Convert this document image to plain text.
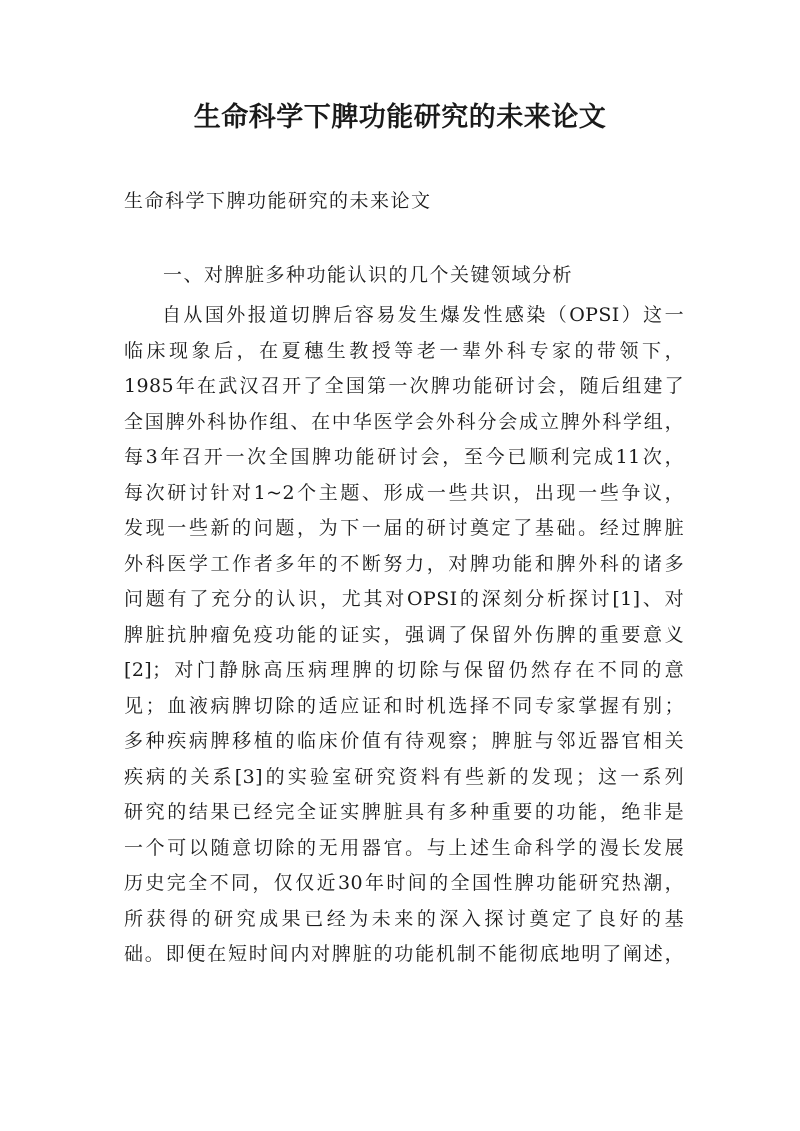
生命科学下脾功能研究的未来论文
生命科学下脾功能研究的未来论文
一、对脾脏多种功能认识的几个关键领域分析
自从国外报道切脾后容易发生爆发性感染（OPSI）这一
临床现象后，在夏穗生教授等老一辈外科专家的带领下，
1985年在武汉召开了全国第一次脾功能研讨会，随后组建了
全国脾外科协作组、在中华医学会外科分会成立脾外科学组，
每3年召开一次全国脾功能研讨会，至今已顺利完成11次，
每次研讨针对1~2个主题、形成一些共识，出现一些争议，
发现一些新的问题，为下一届的研讨奠定了基础。经过脾脏
外科医学工作者多年的不断努力，对脾功能和脾外科的诸多
问题有了充分的认识，尤其对OPSI的深刻分析探讨[1]、对
脾脏抗肿瘤免疫功能的证实，强调了保留外伤脾的重要意义
[2]；对门静脉高压病理脾的切除与保留仍然存在不同的意
见；血液病脾切除的适应证和时机选择不同专家掌握有别；
多种疾病脾移植的临床价值有待观察；脾脏与邻近器官相关
疾病的关系[3]的实验室研究资料有些新的发现；这一系列
研究的结果已经完全证实脾脏具有多种重要的功能，绝非是
一个可以随意切除的无用器官。与上述生命科学的漫长发展
历史完全不同，仅仅近30年时间的全国性脾功能研究热潮，
所获得的研究成果已经为未来的深入探讨奠定了良好的基
础。即便在短时间内对脾脏的功能机制不能彻底地明了阐述，
